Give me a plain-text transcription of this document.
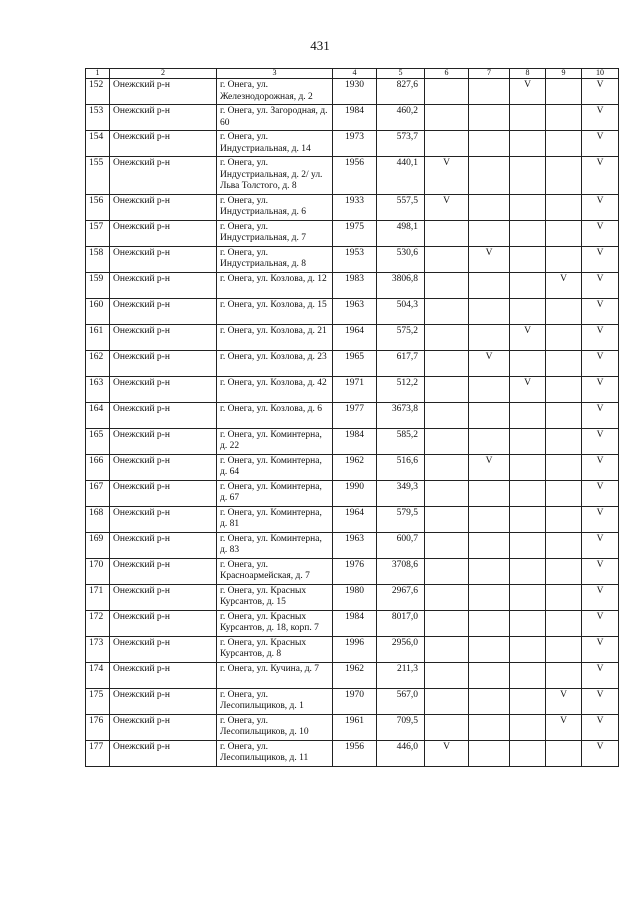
431
1	2	3	4	5	6	7	8	9	10
152	Онежский р-н	г. Онега, ул. Железнодорожная, д. 2	1930	827,6			V		V
153	Онежский р-н	г. Онега, ул. Загородная, д. 60	1984	460,2					V
154	Онежский р-н	г. Онега, ул. Индустриальная, д. 14	1973	573,7					V
155	Онежский р-н	г. Онега, ул. Индустриальная, д. 2/ ул. Льва Толстого, д. 8	1956	440,1	V				V
156	Онежский р-н	г. Онега, ул. Индустриальная, д. 6	1933	557,5	V				V
157	Онежский р-н	г. Онега, ул. Индустриальная, д. 7	1975	498,1					V
158	Онежский р-н	г. Онега, ул. Индустриальная, д. 8	1953	530,6		V			V
159	Онежский р-н	г. Онега, ул. Козлова, д. 12	1983	3806,8				V	V
160	Онежский р-н	г. Онега, ул. Козлова, д. 15	1963	504,3					V
161	Онежский р-н	г. Онега, ул. Козлова, д. 21	1964	575,2			V		V
162	Онежский р-н	г. Онега, ул. Козлова, д. 23	1965	617,7		V			V
163	Онежский р-н	г. Онега, ул. Козлова, д. 42	1971	512,2			V		V
164	Онежский р-н	г. Онега, ул. Козлова, д. 6	1977	3673,8					V
165	Онежский р-н	г. Онега, ул. Коминтерна, д. 22	1984	585,2					V
166	Онежский р-н	г. Онега, ул. Коминтерна, д. 64	1962	516,6		V			V
167	Онежский р-н	г. Онега, ул. Коминтерна, д. 67	1990	349,3					V
168	Онежский р-н	г. Онега, ул. Коминтерна, д. 81	1964	579,5					V
169	Онежский р-н	г. Онега, ул. Коминтерна, д. 83	1963	600,7					V
170	Онежский р-н	г. Онега, ул. Красноармейская, д. 7	1976	3708,6					V
171	Онежский р-н	г. Онега, ул. Красных Курсантов, д. 15	1980	2967,6					V
172	Онежский р-н	г. Онега, ул. Красных Курсантов, д. 18, корп. 7	1984	8017,0					V
173	Онежский р-н	г. Онега, ул. Красных Курсантов, д. 8	1996	2956,0					V
174	Онежский р-н	г. Онега, ул. Кучина, д. 7	1962	211,3					V
175	Онежский р-н	г. Онега, ул. Лесопильщиков, д. 1	1970	567,0				V	V
176	Онежский р-н	г. Онега, ул. Лесопильщиков, д. 10	1961	709,5				V	V
177	Онежский р-н	г. Онега, ул. Лесопильщиков, д. 11	1956	446,0	V				V
